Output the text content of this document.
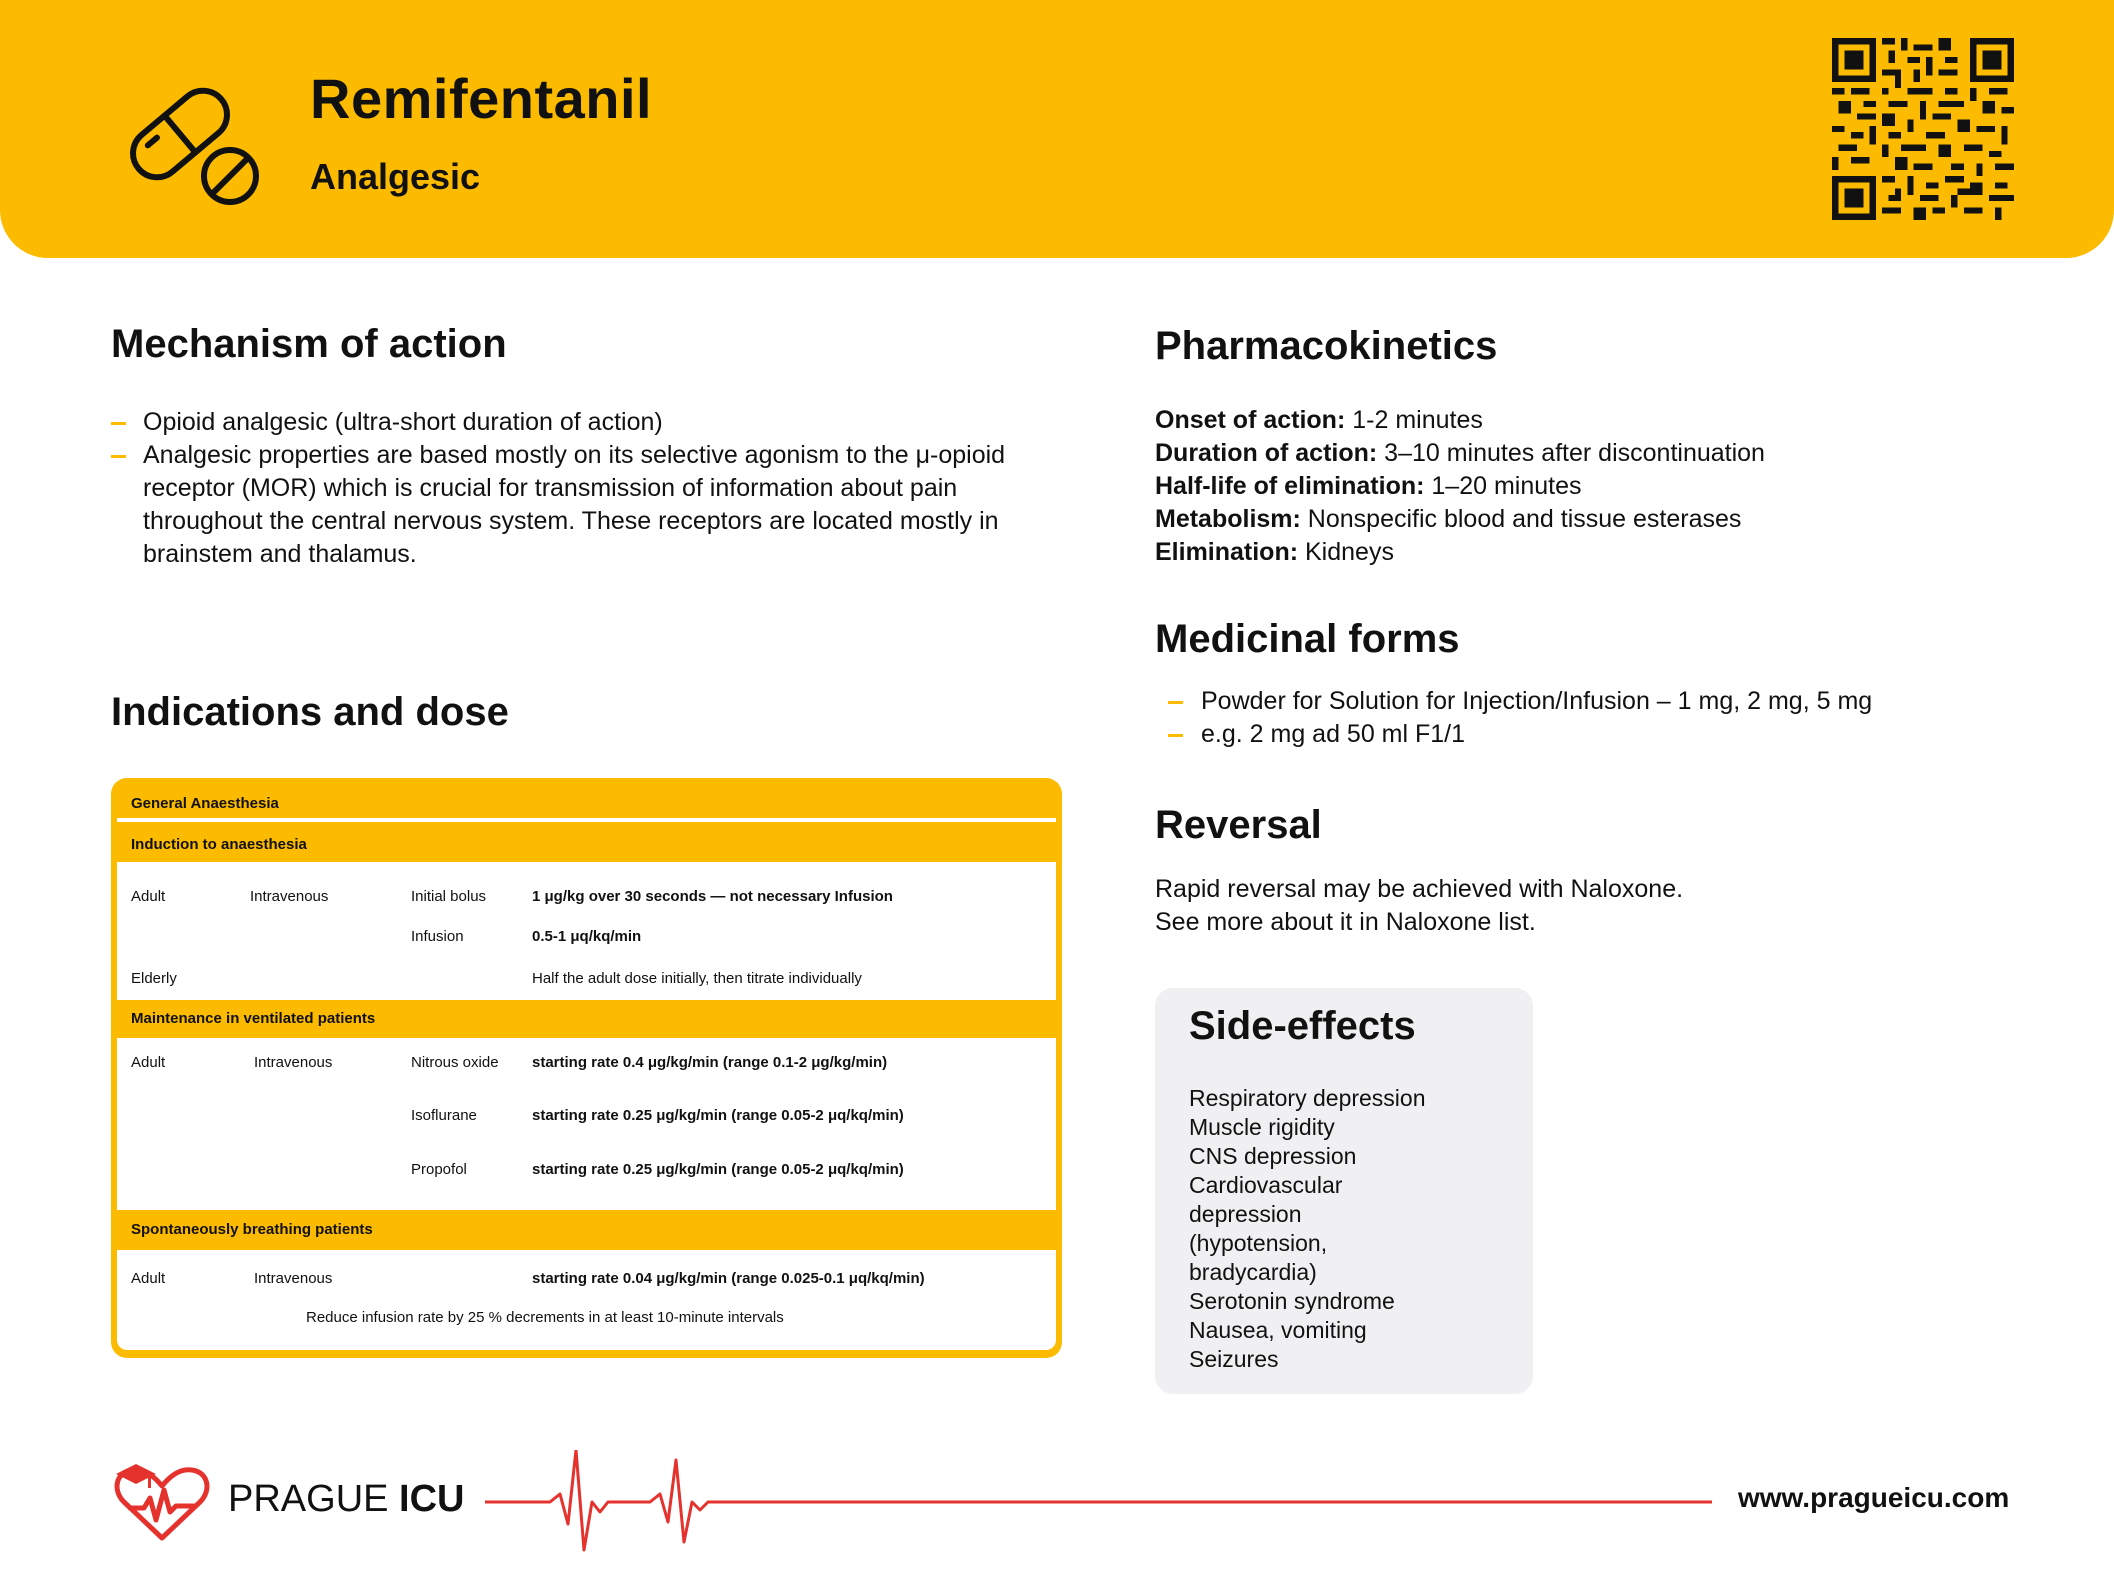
Remifentanil
Analgesic
Mechanism of action
Opioid analgesic (ultra-short duration of action)
Analgesic properties are based mostly on its selective agonism to the μ-opioid receptor (MOR) which is crucial for transmission of information about pain throughout the central nervous system. These receptors are located mostly in brainstem and thalamus.
Indications and dose
General Anaesthesia
Induction to anaesthesia
Adult	Intravenous	Initial bolus	1 μg/kg over 30 seconds — not necessary Infusion
Infusion	0.5-1 μq/kq/min
Elderly	Half the adult dose initially, then titrate individually
Maintenance in ventilated patients
Adult	Intravenous	Nitrous oxide starting rate 0.4 μg/kg/min (range 0.1-2 μg/kg/min)
Isoflurane	starting rate 0.25 μg/kg/min (range 0.05-2 μq/kq/min)
Propofol	starting rate 0.25 μg/kg/min (range 0.05-2 μq/kq/min)
Spontaneously breathing patients
Adult	Intravenous	starting rate 0.04 μg/kg/min (range 0.025-0.1 μq/kq/min)
Reduce infusion rate by 25 % decrements in at least 10-minute intervals
Pharmacokinetics
Onset of action: 1-2 minutes
Duration of action: 3–10 minutes after discontinuation
Half-life of elimination: 1–20 minutes
Metabolism: Nonspecific blood and tissue esterases
Elimination: Kidneys
Medicinal forms
Powder for Solution for Injection/Infusion – 1 mg, 2 mg, 5 mg
e.g. 2 mg ad 50 ml F1/1
Reversal
Rapid reversal may be achieved with Naloxone.
See more about it in Naloxone list.
Side-effects
Respiratory depression
Muscle rigidity
CNS depression
Cardiovascular depression (hypotension, bradycardia)
Serotonin syndrome
Nausea, vomiting
Seizures
PRAGUE ICU	www.pragueicu.com
